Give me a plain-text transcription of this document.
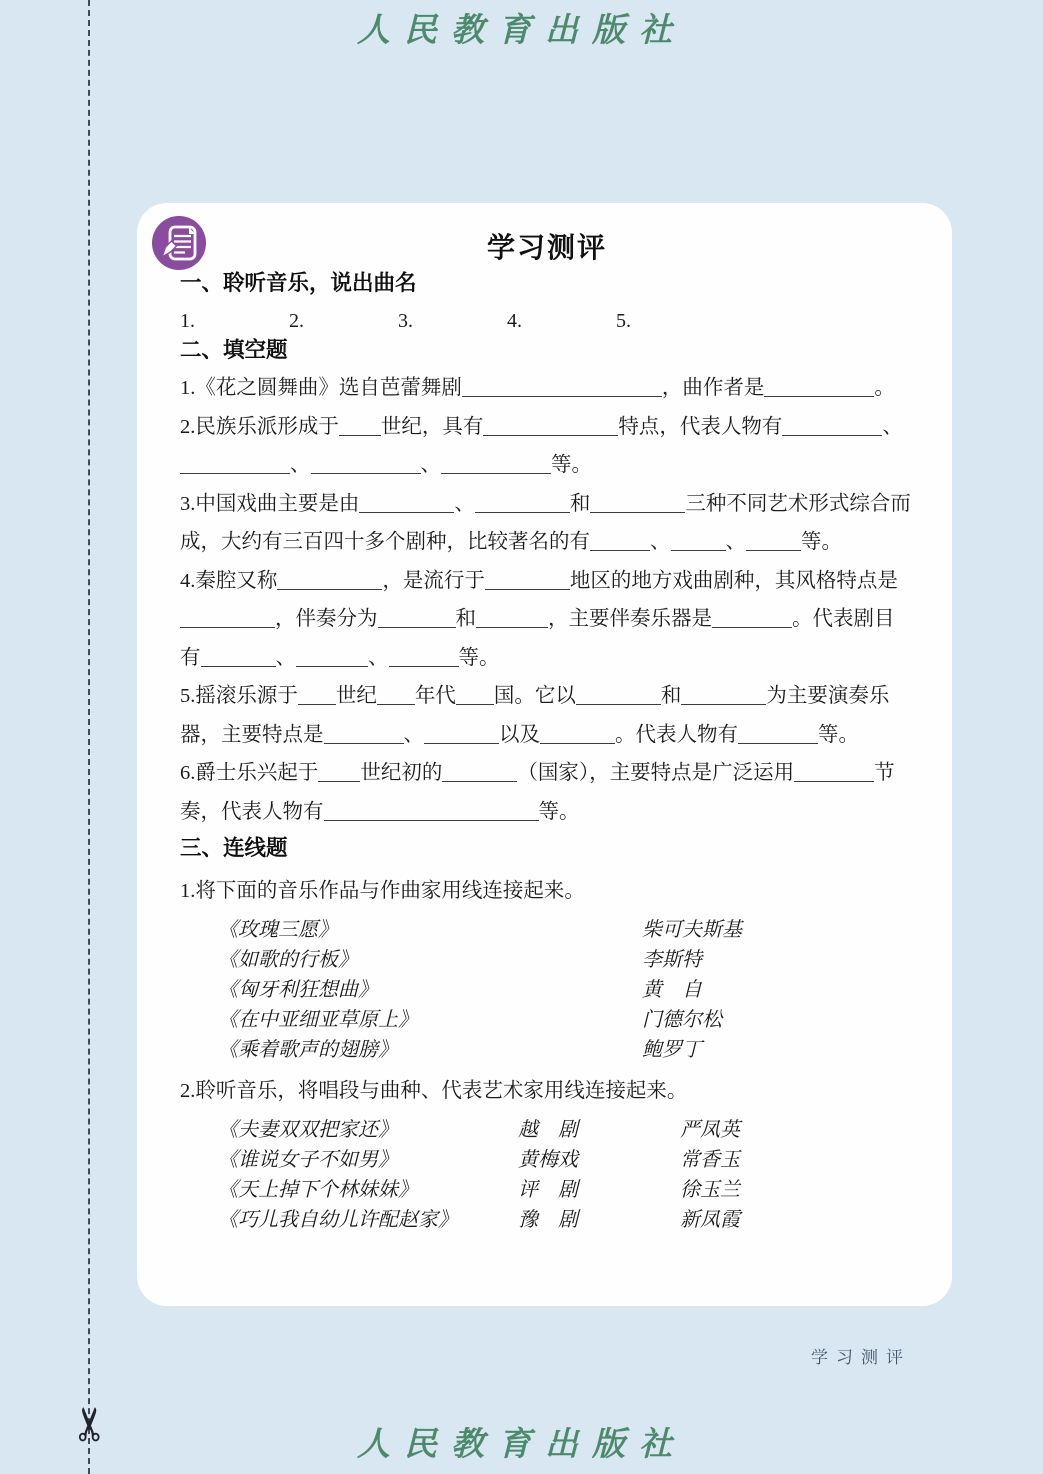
✂
人民教育出版社
学习测评
一、聆听音乐，说出曲名
1.	2.	3.	4.	5.
二、填空题

1.《花之圆舞曲》选自芭蕾舞剧	，曲作者是	。

2.民族乐派形成于 世纪，具有	特点，代表人物有	、、	、	等。

3.中国戏曲主要是由	、	和	三种不同艺术形式综合而成，大约有三百四十多个剧种，比较著名的有	、	、	等。

4.秦腔又称	，是流行于	地区的地方戏曲剧种，其风格特点是，伴奏分为	和	，主要伴奏乐器是	。代表剧目有	、	、	等。

5.摇滚乐源于 世纪 年代 国。它以	和	为主要演奏乐器，主要特点是	、	以及	。代表人物有	等。

6.爵士乐兴起于 世纪初的	（国家），主要特点是广泛运用	节奏，代表人物有	等。

三、连线题

1.将下面的音乐作品与作曲家用线连接起来。

《玫瑰三愿》	柴可夫斯基
《如歌的行板》	李斯特
《匈牙利狂想曲》	黄　自
《在中亚细亚草原上》	门德尔松
《乘着歌声的翅膀》	鲍罗丁

2.聆听音乐，将唱段与曲种、代表艺术家用线连接起来。

《夫妻双双把家还》	越　剧	严凤英
《谁说女子不如男》	黄梅戏	常香玉
《天上掉下个林妹妹》	评　剧	徐玉兰
《巧儿我自幼儿许配赵家》	豫　剧	新凤霞
学习测评
人民教育出版社
